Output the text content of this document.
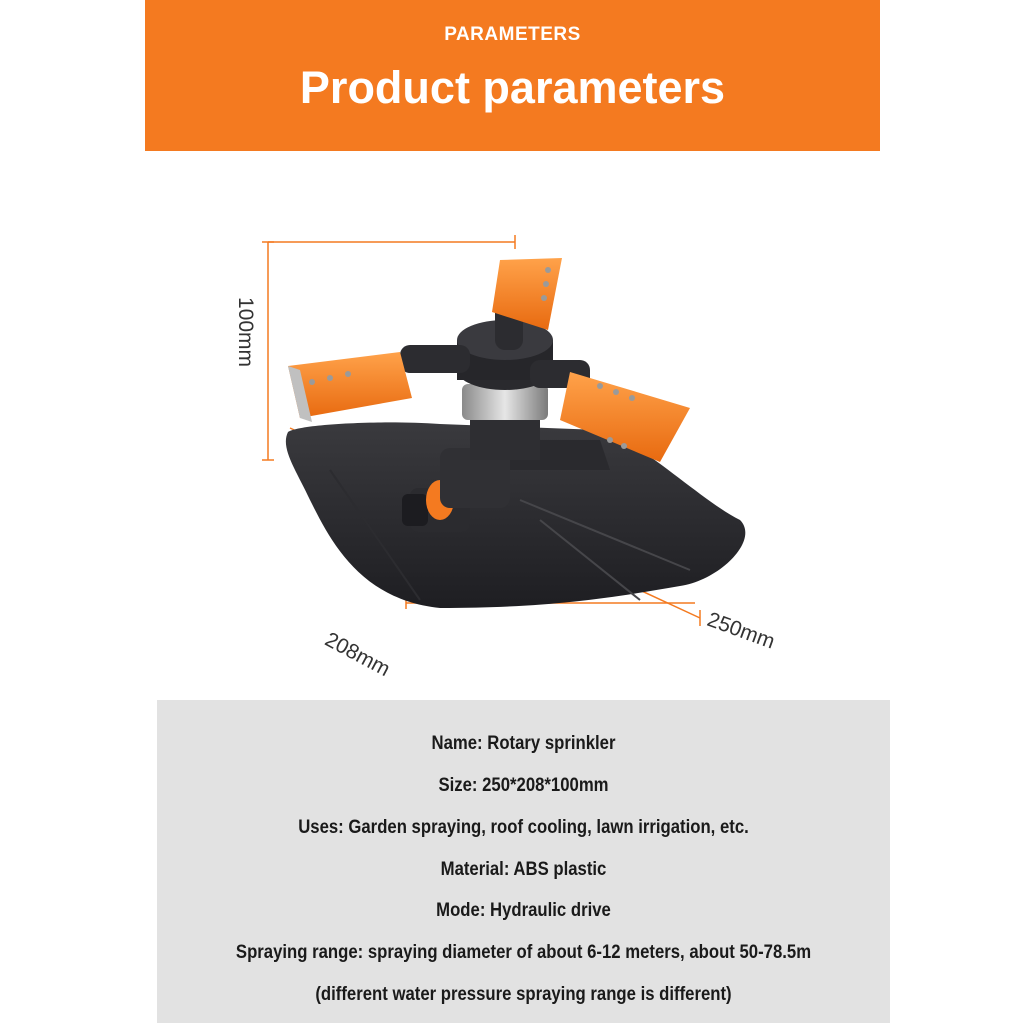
PARAMETERS
Product parameters
100mm
208mm	250mm
Name: Rotary sprinkler
Size: 250*208*100mm
Uses: Garden spraying, roof cooling, lawn irrigation, etc.
Material: ABS plastic
Mode: Hydraulic drive
Spraying range: spraying diameter of about 6-12 meters, about 50-78.5m
(different water pressure spraying range is different)
